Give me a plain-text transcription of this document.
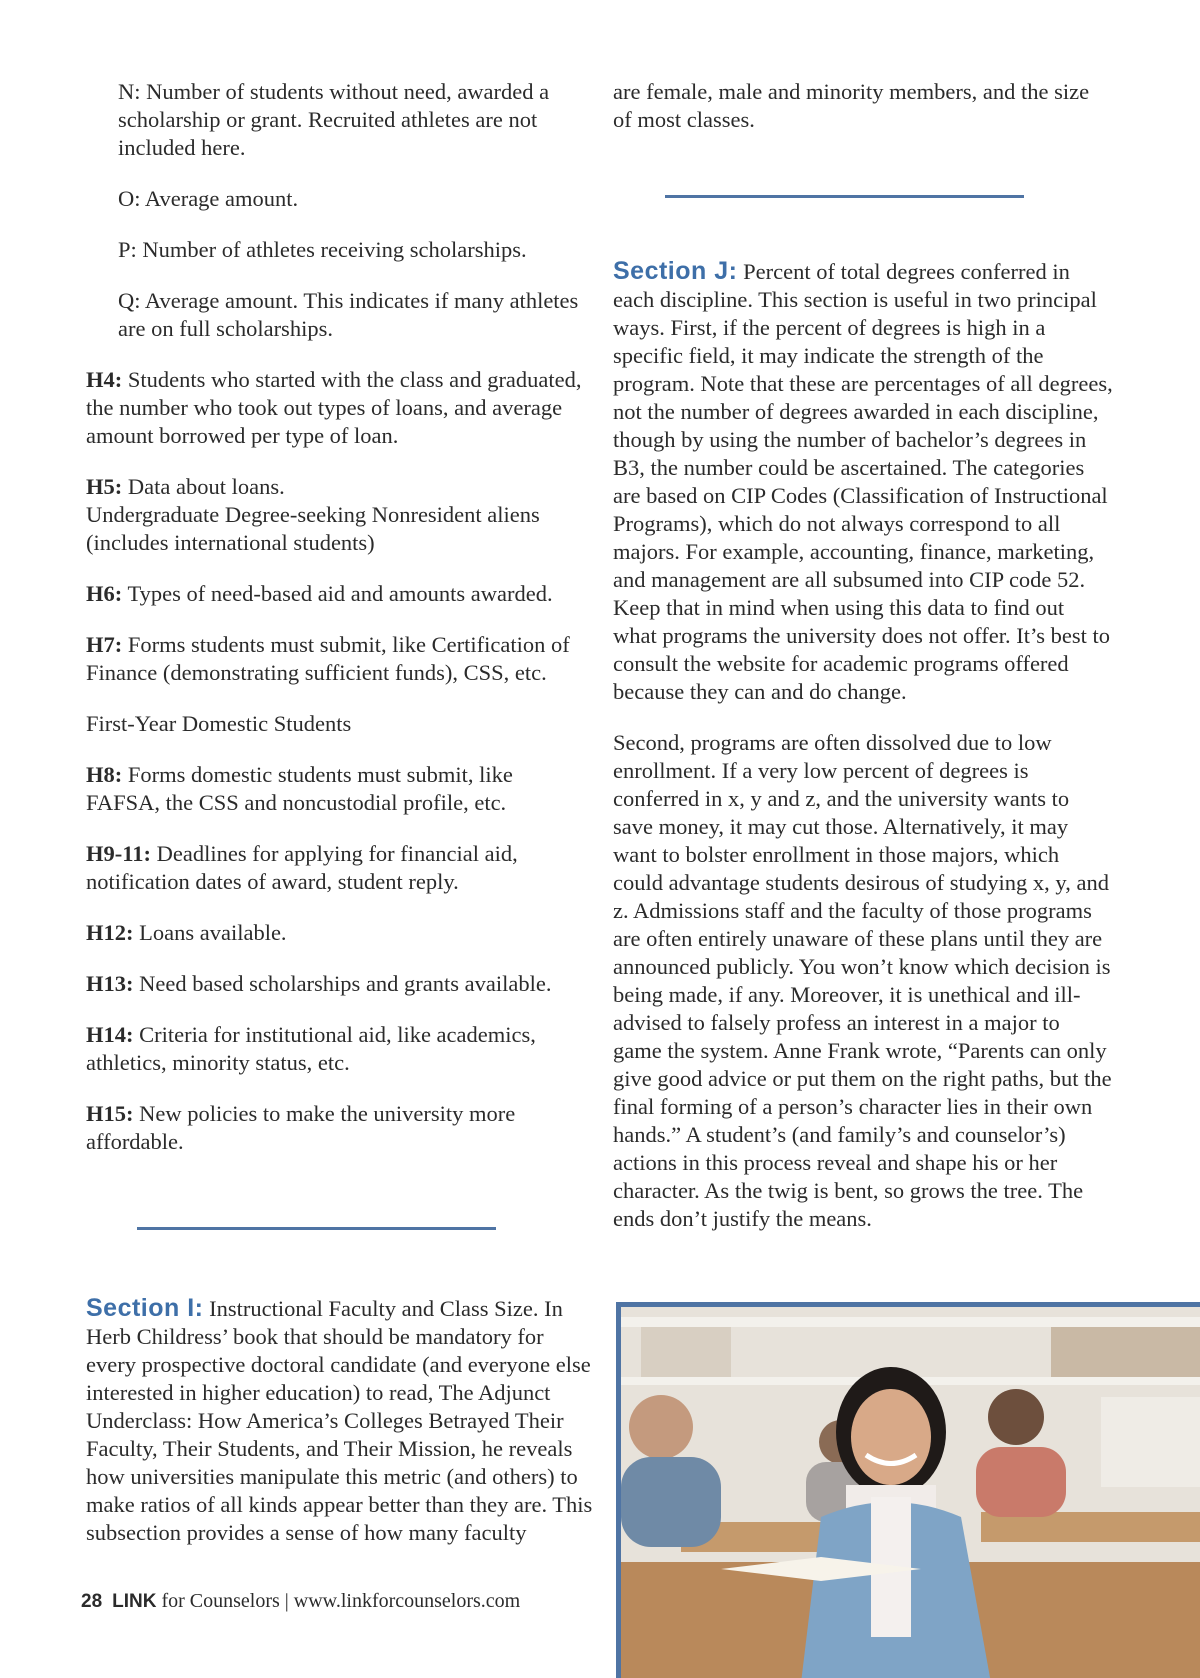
N: Number of students without need, awarded a scholarship or grant. Recruited athletes are not included here.

O: Average amount.

P: Number of athletes receiving scholarships.

Q: Average amount. This indicates if many athletes are on full scholarships.

H4: Students who started with the class and graduated, the number who took out types of loans, and average amount borrowed per type of loan.

H5: Data about loans.
Undergraduate Degree-seeking Nonresident aliens (includes international students)

H6: Types of need-based aid and amounts awarded.

H7: Forms students must submit, like Certification of Finance (demonstrating sufficient funds), CSS, etc.

First-Year Domestic Students

H8: Forms domestic students must submit, like FAFSA, the CSS and noncustodial profile, etc.

H9-11: Deadlines for applying for financial aid, notification dates of award, student reply.

H12: Loans available.

H13: Need based scholarships and grants available.

H14: Criteria for institutional aid, like academics, athletics, minority status, etc.

H15: New policies to make the university more affordable.

Section I: Instructional Faculty and Class Size. In Herb Childress’ book that should be mandatory for every prospective doctoral candidate (and everyone else interested in higher education) to read, The Adjunct Underclass: How America’s Colleges Betrayed Their Faculty, Their Students, and Their Mission, he reveals how universities manipulate this metric (and others) to make ratios of all kinds appear better than they are. This subsection provides a sense of how many faculty

are female, male and minority members, and the size of most classes.

Section J: Percent of total degrees conferred in each discipline. This section is useful in two principal ways. First, if the percent of degrees is high in a specific field, it may indicate the strength of the program. Note that these are percentages of all degrees, not the number of degrees awarded in each discipline, though by using the number of bachelor’s degrees in B3, the number could be ascertained. The categories are based on CIP Codes (Classification of Instructional Programs), which do not always correspond to all majors. For example, accounting, finance, marketing, and management are all subsumed into CIP code 52. Keep that in mind when using this data to find out what programs the university does not offer. It’s best to consult the website for academic programs offered because they can and do change.

Second, programs are often dissolved due to low enrollment. If a very low percent of degrees is conferred in x, y and z, and the university wants to save money, it may cut those. Alternatively, it may want to bolster enrollment in those majors, which could advantage students desirous of studying x, y, and z. Admissions staff and the faculty of those programs are often entirely unaware of these plans until they are announced publicly. You won’t know which decision is being made, if any. Moreover, it is unethical and ill-advised to falsely profess an interest in a major to game the system. Anne Frank wrote, “Parents can only give good advice or put them on the right paths, but the final forming of a person’s character lies in their own hands.” A student’s (and family’s and counselor’s) actions in this process reveal and shape his or her character. As the twig is bent, so grows the tree. The ends don’t justify the means.

28 LINK for Counselors | www.linkforcounselors.com
